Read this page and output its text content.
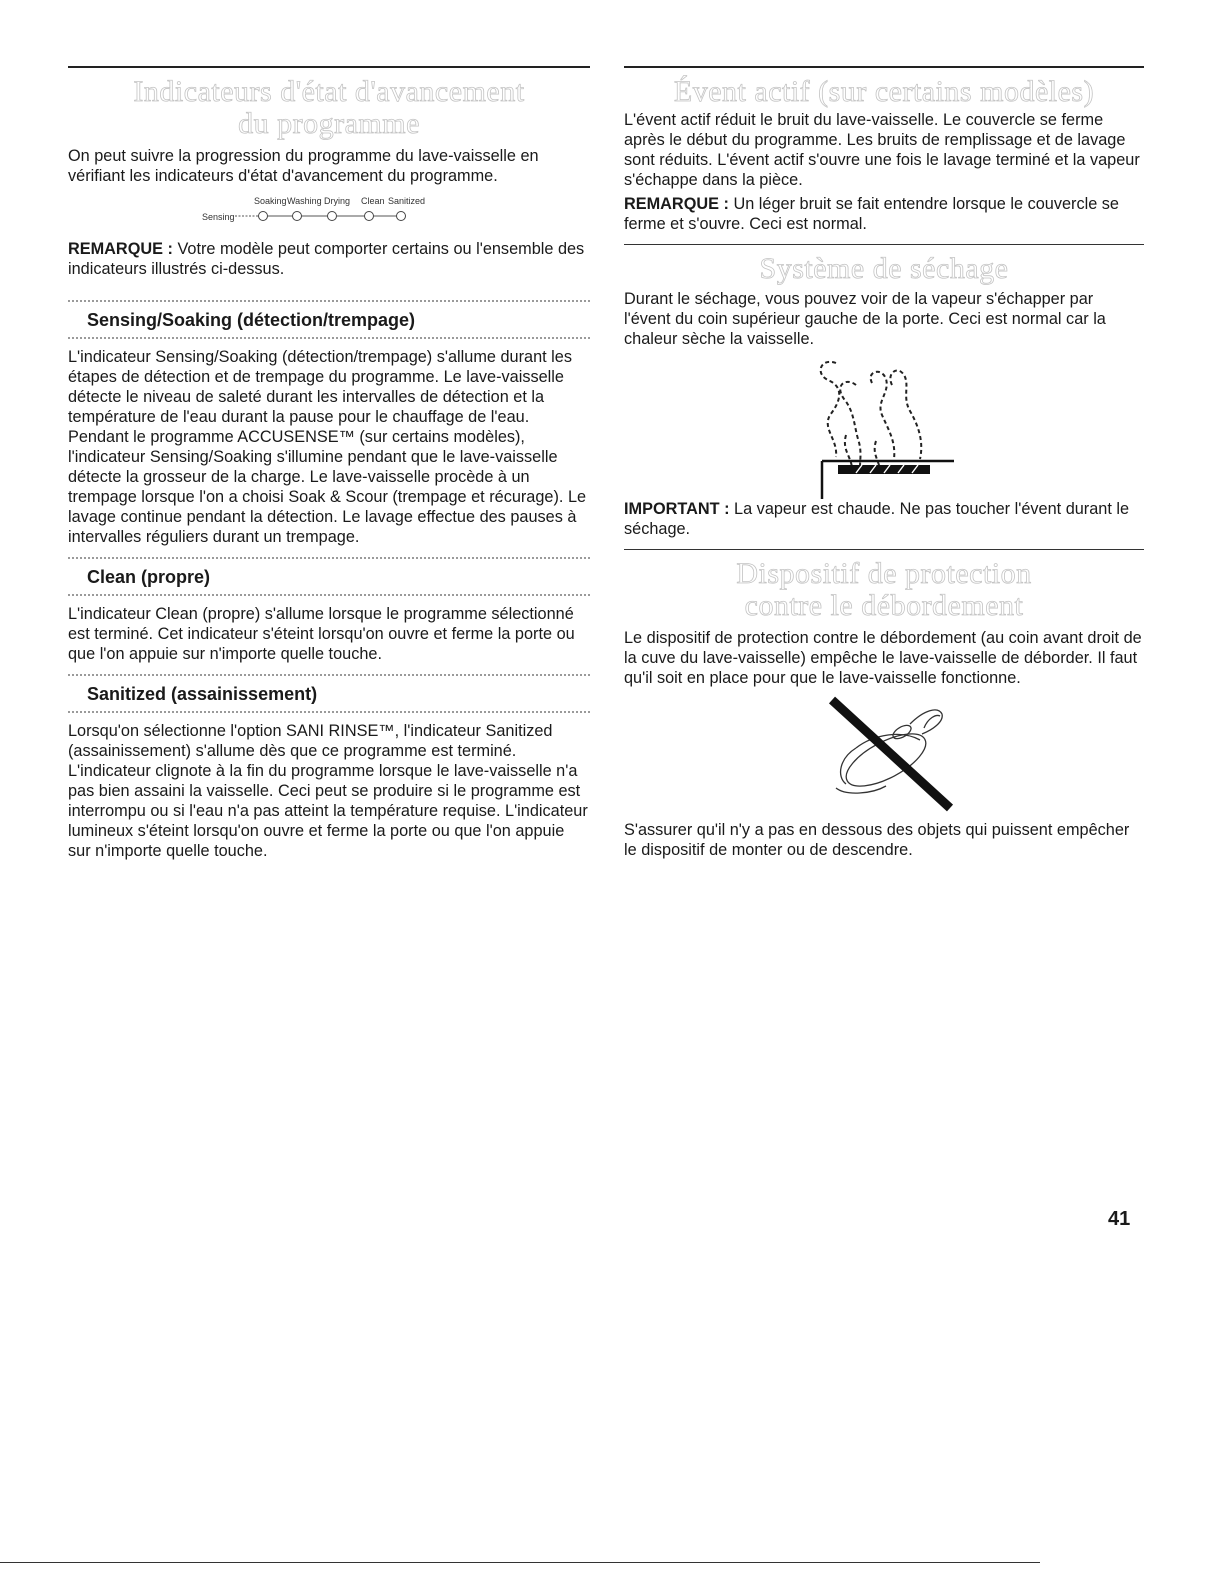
Indicateurs d'état d'avancement
du programme

On peut suivre la progression du programme du lave-vaisselle en vérifiant les indicateurs d'état d'avancement du programme.

Sensing
Soaking Washing Drying Clean Sanitized

REMARQUE : Votre modèle peut comporter certains ou l'ensemble des indicateurs illustrés ci-dessus.

Sensing/Soaking (détection/trempage)

L'indicateur Sensing/Soaking (détection/trempage) s'allume durant les étapes de détection et de trempage du programme. Le lave-vaisselle détecte le niveau de saleté durant les intervalles de détection et la température de l'eau durant la pause pour le chauffage de l'eau. Pendant le programme ACCUSENSE™ (sur certains modèles), l'indicateur Sensing/Soaking s'illumine pendant que le lave-vaisselle détecte la grosseur de la charge. Le lave-vaisselle procède à un trempage lorsque l'on a choisi Soak & Scour (trempage et récurage). Le lavage continue pendant la détection. Le lavage effectue des pauses à intervalles réguliers durant un trempage.

Clean (propre)

L'indicateur Clean (propre) s'allume lorsque le programme sélectionné est terminé. Cet indicateur s'éteint lorsqu'on ouvre et ferme la porte ou que l'on appuie sur n'importe quelle touche.

Sanitized (assainissement)

Lorsqu'on sélectionne l'option SANI RINSE™, l'indicateur Sanitized (assainissement) s'allume dès que ce programme est terminé. L'indicateur clignote à la fin du programme lorsque le lave-vaisselle n'a pas bien assaini la vaisselle. Ceci peut se produire si le programme est interrompu ou si l'eau n'a pas atteint la température requise. L'indicateur lumineux s'éteint lorsqu'on ouvre et ferme la porte ou que l'on appuie sur n'importe quelle touche.

Évent actif (sur certains modèles)

L'évent actif réduit le bruit du lave-vaisselle. Le couvercle se ferme après le début du programme. Les bruits de remplissage et de lavage sont réduits. L'évent actif s'ouvre une fois le lavage terminé et la vapeur s'échappe dans la pièce.

REMARQUE : Un léger bruit se fait entendre lorsque le couvercle se ferme et s'ouvre. Ceci est normal.

Système de séchage

Durant le séchage, vous pouvez voir de la vapeur s'échapper par l'évent du coin supérieur gauche de la porte. Ceci est normal car la chaleur sèche la vaisselle.

IMPORTANT : La vapeur est chaude. Ne pas toucher l'évent durant le séchage.

Dispositif de protection
contre le débordement

Le dispositif de protection contre le débordement (au coin avant droit de la cuve du lave-vaisselle) empêche le lave-vaisselle de déborder. Il faut qu'il soit en place pour que le lave-vaisselle fonctionne.

S'assurer qu'il n'y a pas en dessous des objets qui puissent empêcher le dispositif de monter ou de descendre.

41
